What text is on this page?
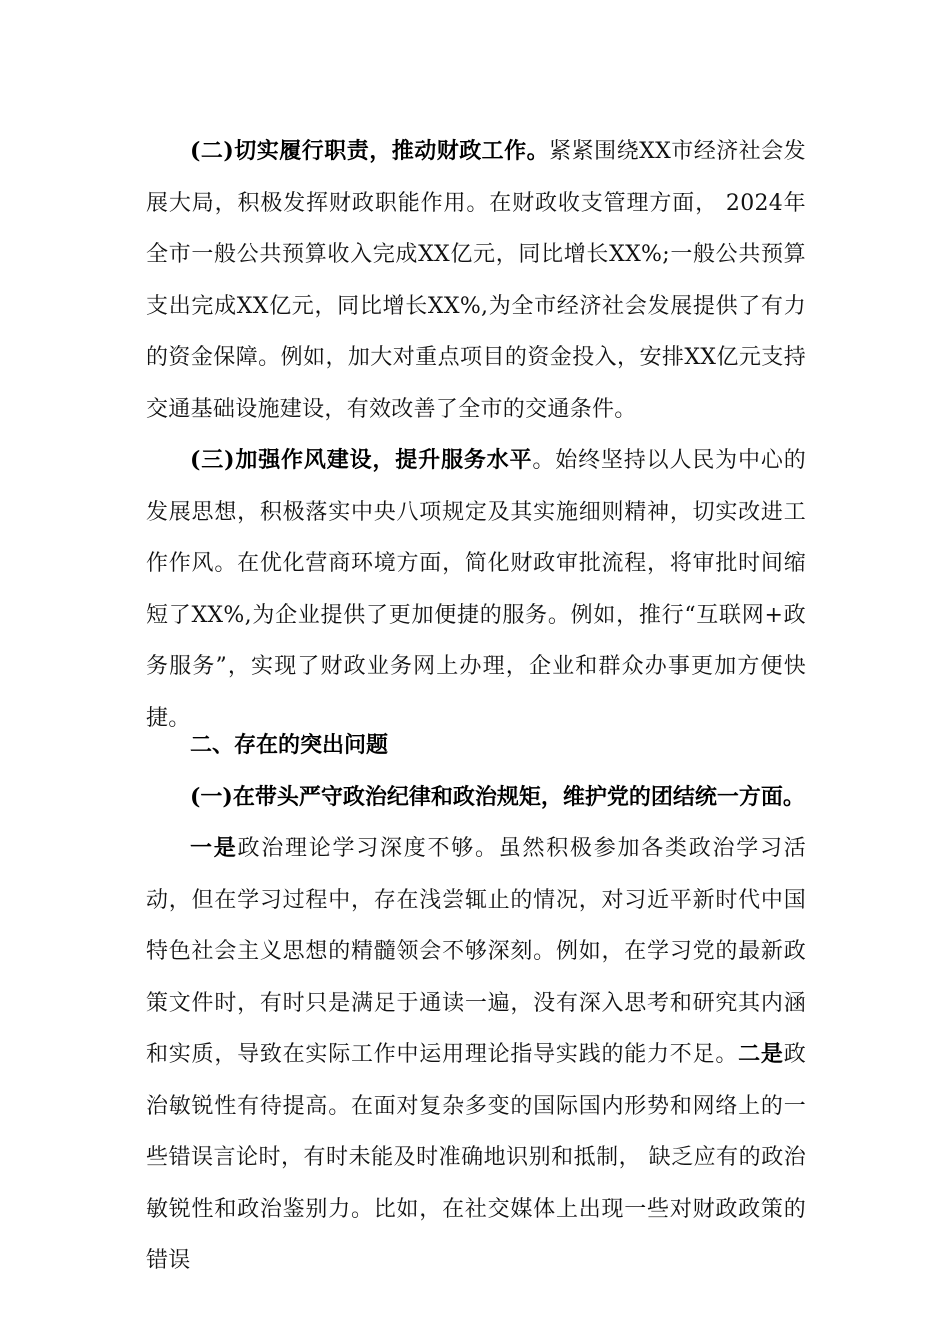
(二)切实履行职责，推动财政工作。紧紧围绕XX市经济社会发展大局，积极发挥财政职能作用。在财政收支管理方面， 2024年全市一般公共预算收入完成XX亿元，同比增长XX%;一般公共预算支出完成XX亿元，同比增长XX%,为全市经济社会发展提供了有力的资金保障。例如，加大对重点项目的资金投入，安排XX亿元支持交通基础设施建设，有效改善了全市的交通条件。

(三)加强作风建设，提升服务水平。始终坚持以人民为中心的发展思想，积极落实中央八项规定及其实施细则精神，切实改进工作作风。在优化营商环境方面，简化财政审批流程，将审批时间缩短了XX%,为企业提供了更加便捷的服务。例如，推行“互联网+政务服务”，实现了财政业务网上办理，企业和群众办事更加方便快捷。

二、存在的突出问题

(一)在带头严守政治纪律和政治规矩，维护党的团结统一方面。

一是政治理论学习深度不够。虽然积极参加各类政治学习活动，但在学习过程中，存在浅尝辄止的情况，对习近平新时代中国特色社会主义思想的精髓领会不够深刻。例如，在学习党的最新政策文件时，有时只是满足于通读一遍，没有深入思考和研究其内涵和实质，导致在实际工作中运用理论指导实践的能力不足。二是政治敏锐性有待提高。在面对复杂多变的国际国内形势和网络上的一些错误言论时，有时未能及时准确地识别和抵制， 缺乏应有的政治敏锐性和政治鉴别力。比如，在社交媒体上出现一些对财政政策的错误
